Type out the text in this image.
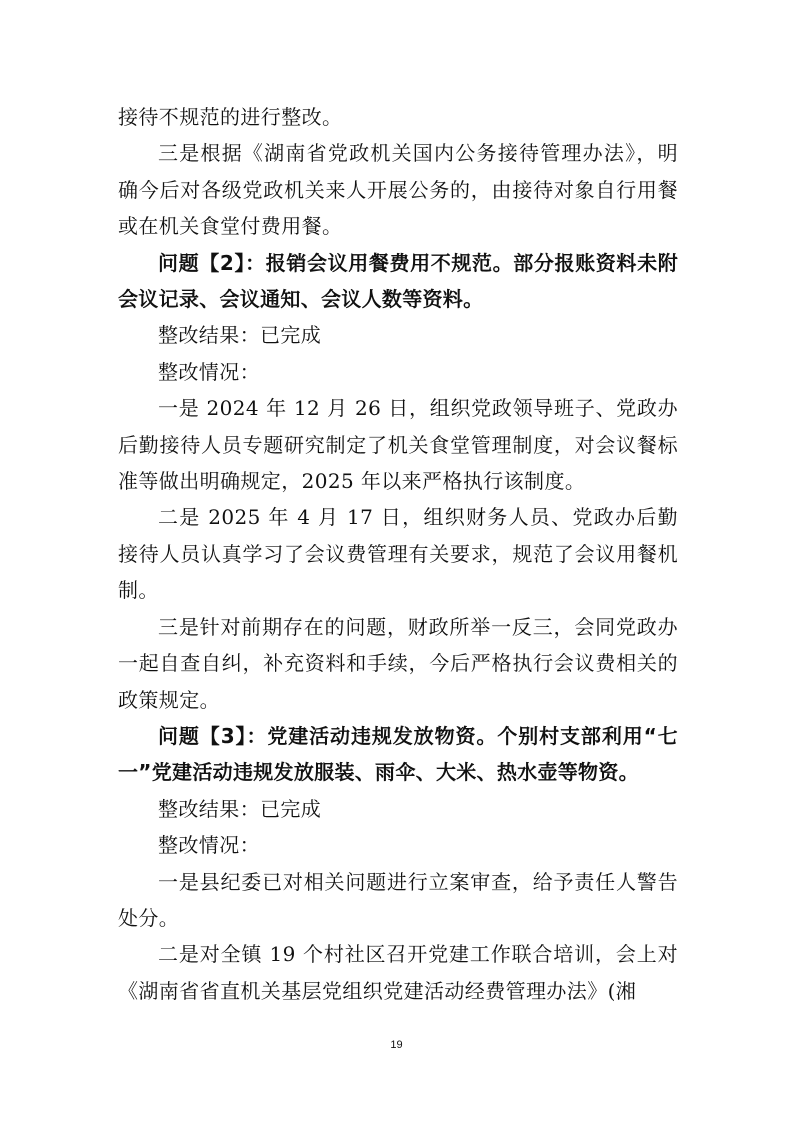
接待不规范的进行整改。

三是根据《湖南省党政机关国内公务接待管理办法》，明确今后对各级党政机关来人开展公务的，由接待对象自行用餐或在机关食堂付费用餐。

问题【2】：报销会议用餐费用不规范。部分报账资料未附会议记录、会议通知、会议人数等资料。

整改结果：已完成

整改情况：

一是 2024 年 12 月 26 日，组织党政领导班子、党政办后勤接待人员专题研究制定了机关食堂管理制度，对会议餐标准等做出明确规定，2025 年以来严格执行该制度。

二是 2025 年 4 月 17 日，组织财务人员、党政办后勤接待人员认真学习了会议费管理有关要求，规范了会议用餐机制。

三是针对前期存在的问题，财政所举一反三，会同党政办一起自查自纠，补充资料和手续，今后严格执行会议费相关的政策规定。

问题【3】：党建活动违规发放物资。个别村支部利用“七一”党建活动违规发放服装、雨伞、大米、热水壶等物资。

整改结果：已完成

整改情况：

一是县纪委已对相关问题进行立案审查，给予责任人警告处分。

二是对全镇 19 个村社区召开党建工作联合培训，会上对《湖南省省直机关基层党组织党建活动经费管理办法》(湘

19
